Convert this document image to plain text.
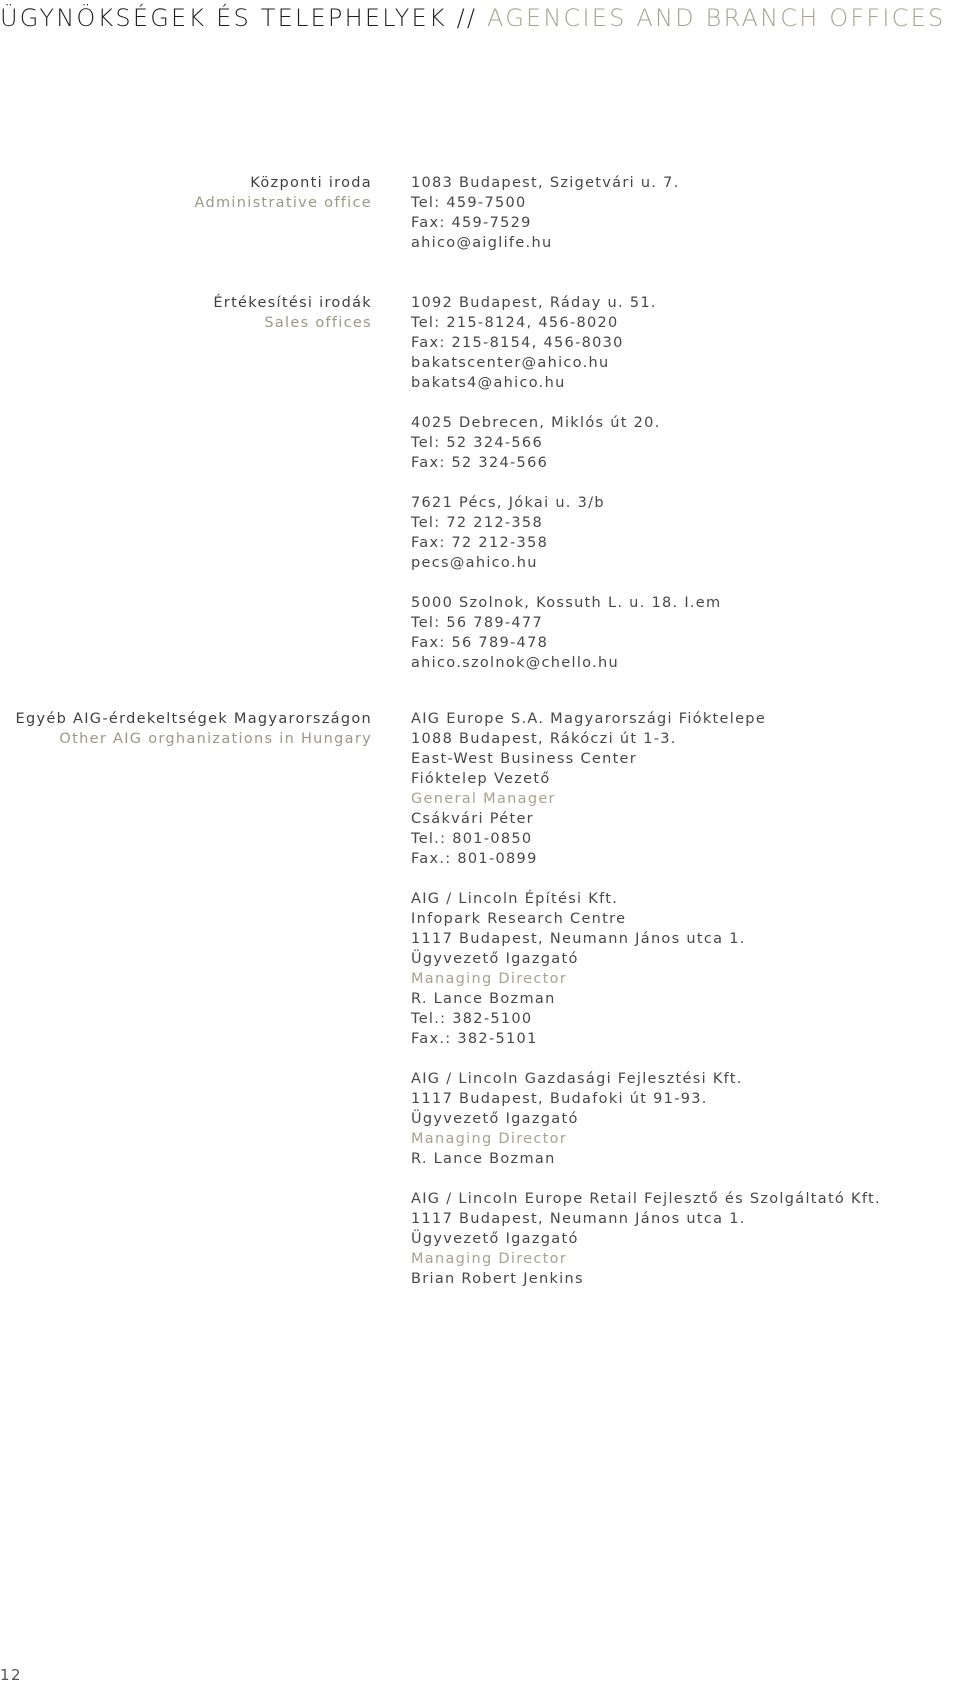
ÜGYNÖKSÉGEK ÉS TELEPHELYEK // AGENCIES AND BRANCH OFFICES
Központi iroda
Administrative office
1083 Budapest, Szigetvári u. 7.
Tel: 459-7500
Fax: 459-7529
ahico@aiglife.hu
Értékesítési irodák
Sales offices
1092 Budapest, Ráday u. 51.
Tel: 215-8124, 456-8020
Fax: 215-8154, 456-8030
bakatscenter@ahico.hu
bakats4@ahico.hu
4025 Debrecen, Miklós út 20.
Tel: 52 324-566
Fax: 52 324-566
7621 Pécs, Jókai u. 3/b
Tel: 72 212-358
Fax: 72 212-358
pecs@ahico.hu
5000 Szolnok, Kossuth L. u. 18. I.em
Tel: 56 789-477
Fax: 56 789-478
ahico.szolnok@chello.hu
Egyéb AIG-érdekeltségek Magyarországon
Other AIG orghanizations in Hungary
AIG Europe S.A. Magyarországi Fióktelepe
1088 Budapest, Rákóczi út 1-3.
East-West Business Center
Fióktelep Vezető
General Manager
Csákvári Péter
Tel.: 801-0850
Fax.: 801-0899
AIG / Lincoln Építési Kft.
Infopark Research Centre
1117 Budapest, Neumann János utca 1.
Ügyvezető Igazgató
Managing Director
R. Lance Bozman
Tel.: 382-5100
Fax.: 382-5101
AIG / Lincoln Gazdasági Fejlesztési Kft.
1117 Budapest, Budafoki út 91-93.
Ügyvezető Igazgató
Managing Director
R. Lance Bozman
AIG / Lincoln Europe Retail Fejlesztő és Szolgáltató Kft.
1117 Budapest, Neumann János utca 1.
Ügyvezető Igazgató
Managing Director
Brian Robert Jenkins
12
